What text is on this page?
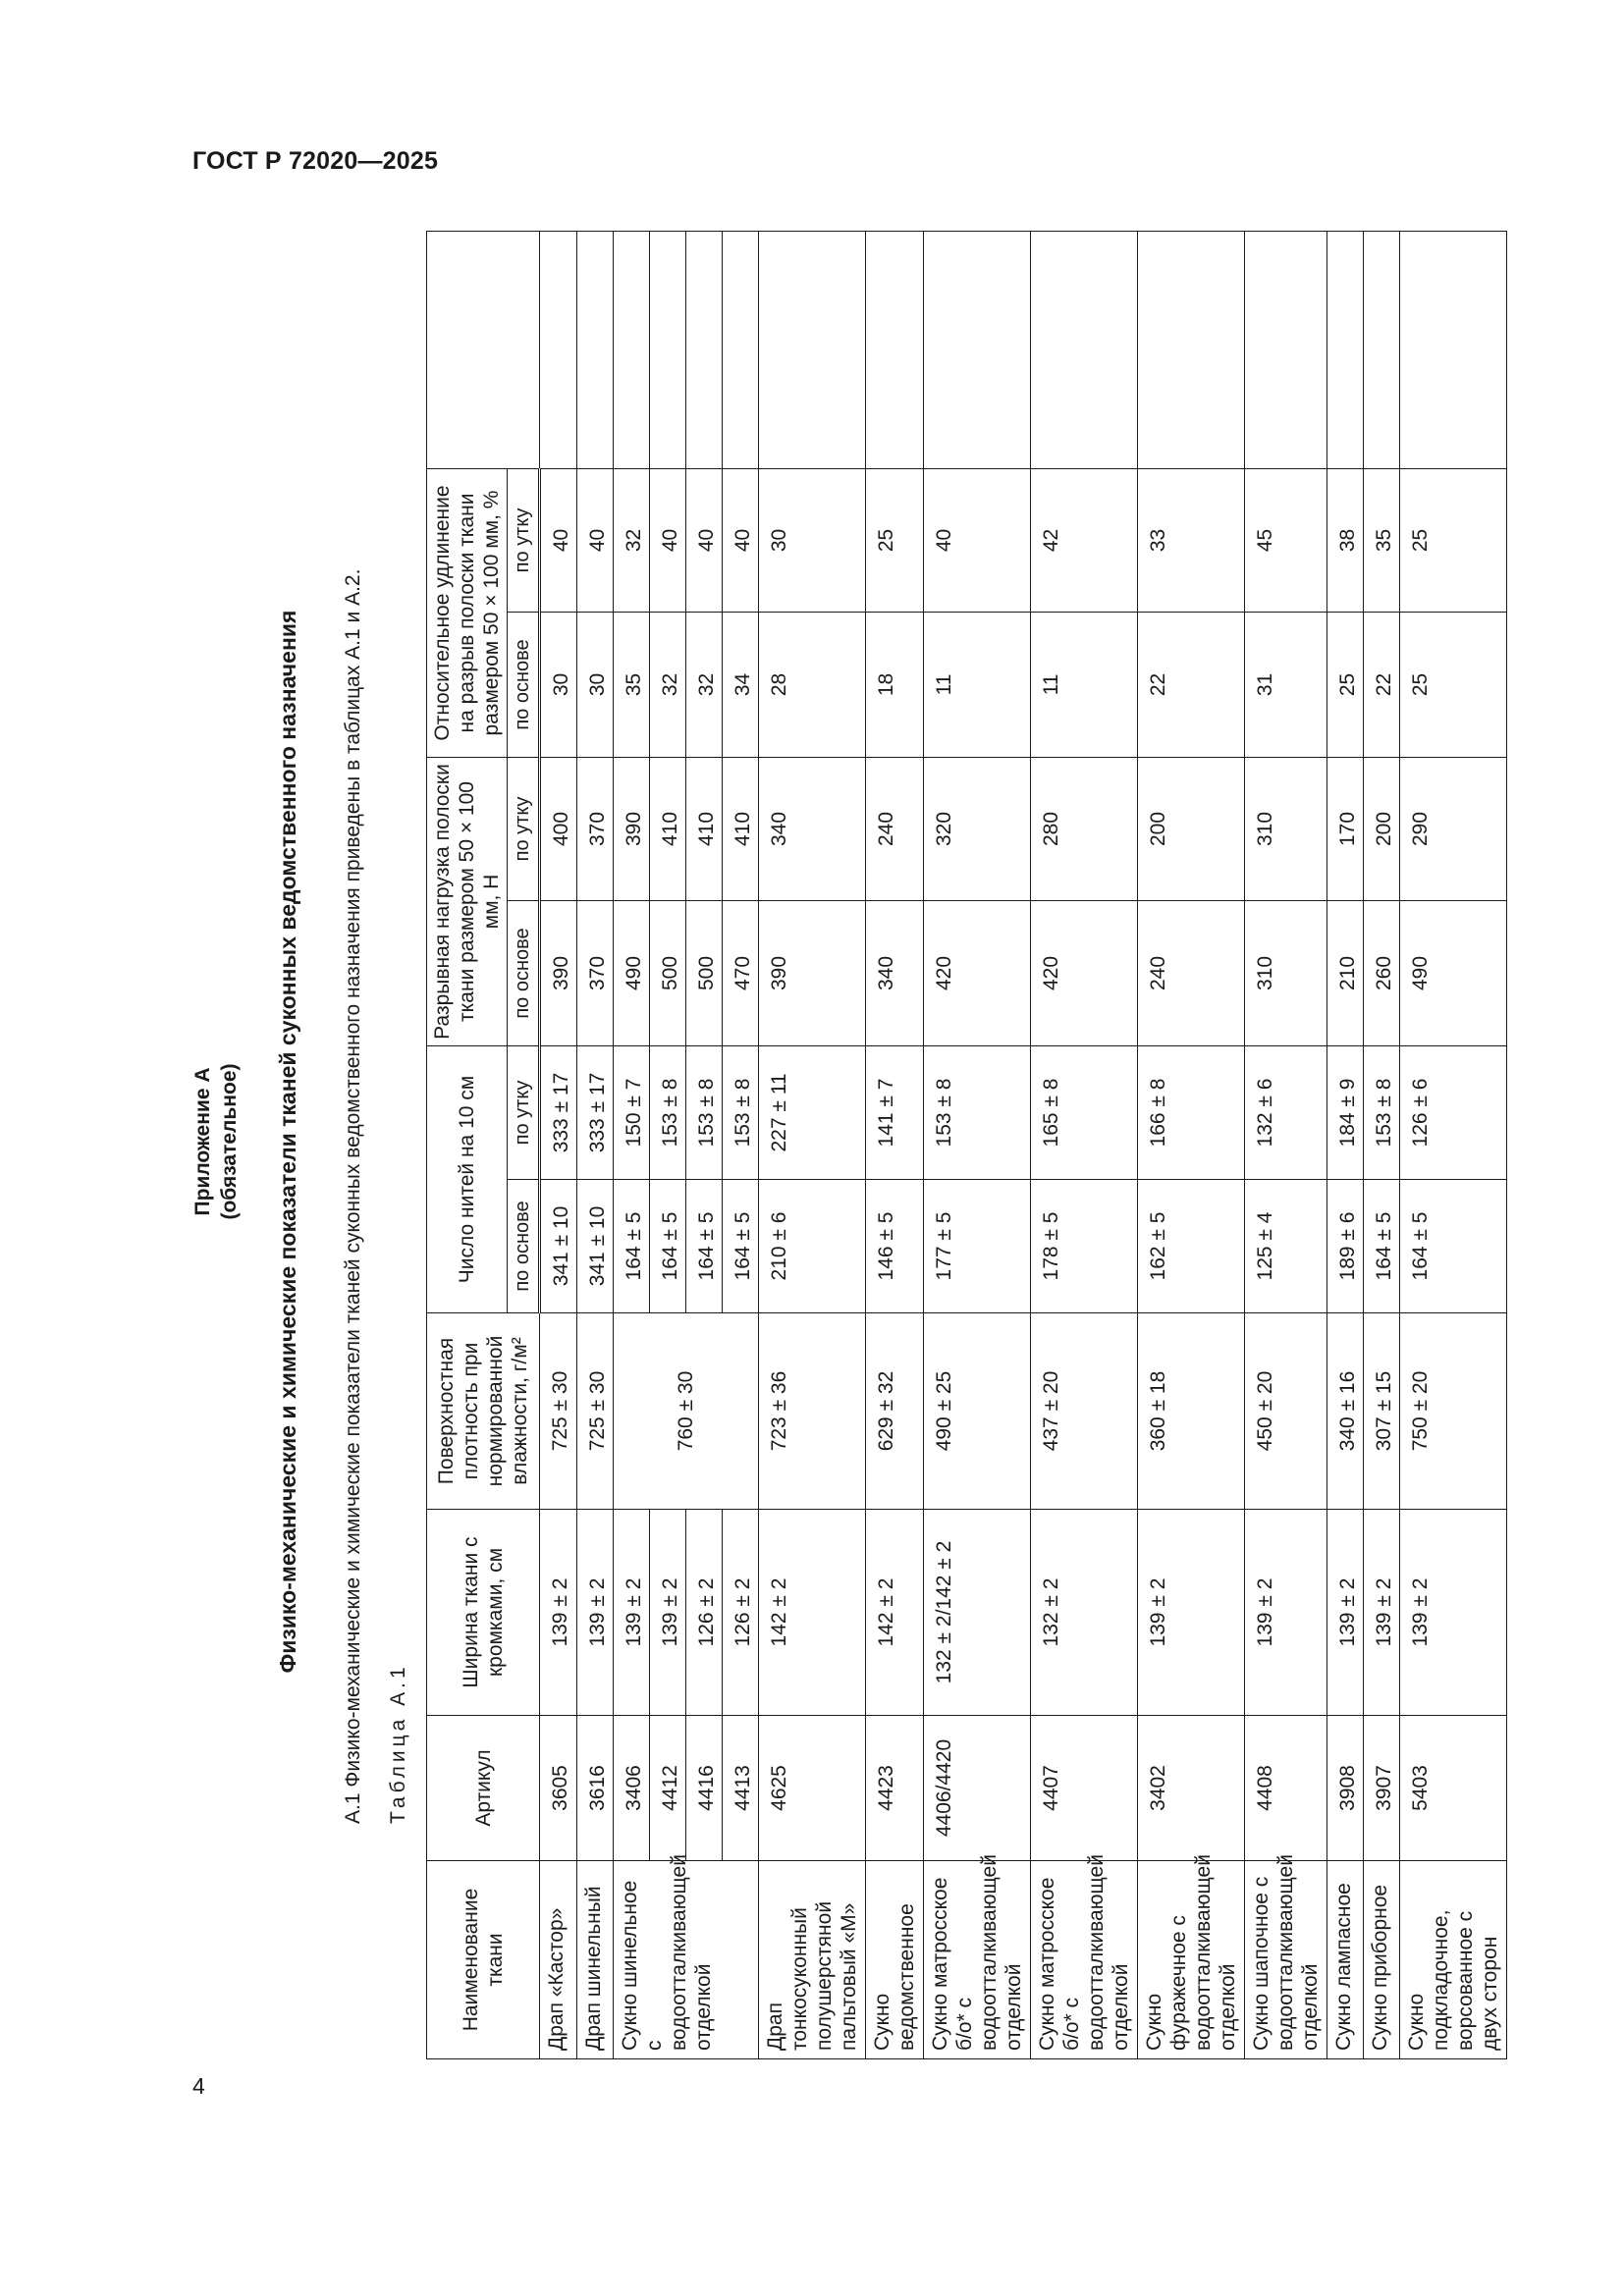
ГОСТ Р 72020—2025
4
Приложение А (обязательное) Физико-механические и химические показатели тканей суконных ведомственного назначения А.1 Физико-механические и химические показатели тканей суконных ведомственного назначения приведены в таблицах А.1 и А.2. Таблица А.1
Наименование ткани	Артикул	Ширина ткани с кромками, см	Поверхностная плотность при нормированной влажности, г/м²	Число нитей на 10 см		Разрывная нагрузка полоски ткани размером 50 × 100 мм, Н		Относительное удлинение на разрыв полоски ткани размером 50 × 100 мм, %		
				по основе	по утку	по основе	по утку	по основе	по утку	
Драп «Кастор»	3605	139 ± 2	725 ± 30	341 ± 10	333 ± 17	390	400	30	40	
Драп шинельный	3616	139 ± 2	725 ± 30	341 ± 10	333 ± 17	370	370	30	40	
Сукно шинельное с водоотталкивающей отделкой	3406	139 ± 2	760 ± 30	164 ± 5	150 ± 7	490	390	35	32	
	4412	139 ± 2		164 ± 5	153 ± 8	500	410	32	40	
	4416	126 ± 2		164 ± 5	153 ± 8	500	410	32	40	
	4413	126 ± 2		164 ± 5	153 ± 8	470	410	34	40	
Драп тонкосуконный полушерстяной пальтовый «М»	4625	142 ± 2	723 ± 36	210 ± 6	227 ± 11	390	340	28	30	
Сукно ведомственное	4423	142 ± 2	629 ± 32	146 ± 5	141 ± 7	340	240	18	25	
Сукно матросское б/о* с водоотталкивающей отделкой	4406/4420	132 ± 2/142 ± 2	490 ± 25	177 ± 5	153 ± 8	420	320	11	40	
Сукно матросское б/о* с водоотталкивающей отделкой	4407	132 ± 2	437 ± 20	178 ± 5	165 ± 8	420	280	11	42	
Сукно фуражечное с водоотталкивающей отделкой	3402	139 ± 2	360 ± 18	162 ± 5	166 ± 8	240	200	22	33	
Сукно шапочное с водоотталкивающей отделкой	4408	139 ± 2	450 ± 20	125 ± 4	132 ± 6	310	310	31	45	
Сукно лампасное	3908	139 ± 2	340 ± 16	189 ± 6	184 ± 9	210	170	25	38	
Сукно приборное	3907	139 ± 2	307 ± 15	164 ± 5	153 ± 8	260	200	22	35	
Сукно подкладочное, ворсованное с двух сторон	5403	139 ± 2	750 ± 20	164 ± 5	126 ± 6	490	290	25	25	
